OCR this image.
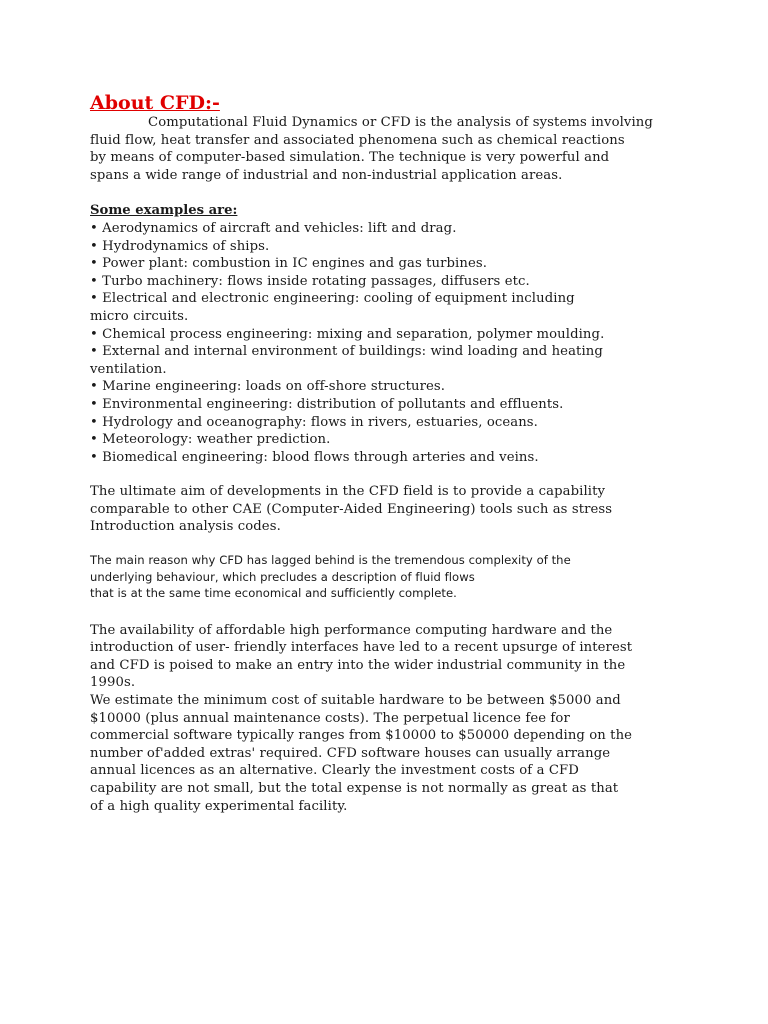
About CFD:-

Computational Fluid Dynamics or CFD is the analysis of systems involving
fluid flow, heat transfer and associated phenomena such as chemical reactions
by means of computer-based simulation. The technique is very powerful and
spans a wide range of industrial and non-industrial application areas.

Some examples are:

• Aerodynamics of aircraft and vehicles: lift and drag.
• Hydrodynamics of ships.
• Power plant: combustion in IC engines and gas turbines.
• Turbo machinery: flows inside rotating passages, diffusers etc.
• Electrical and electronic engineering: cooling of equipment including
micro circuits.
• Chemical process engineering: mixing and separation, polymer moulding.
• External and internal environment of buildings: wind loading and heating
ventilation.
• Marine engineering: loads on off-shore structures.
• Environmental engineering: distribution of pollutants and effluents.
• Hydrology and oceanography: flows in rivers, estuaries, oceans.
• Meteorology: weather prediction.
• Biomedical engineering: blood flows through arteries and veins.

The ultimate aim of developments in the CFD field is to provide a capability
comparable to other CAE (Computer-Aided Engineering) tools such as stress
Introduction analysis codes.

The main reason why CFD has lagged behind is the tremendous complexity of the
underlying behaviour, which precludes a description of fluid flows
that is at the same time economical and sufficiently complete.

The availability of affordable high performance computing hardware and the
introduction of user- friendly interfaces have led to a recent upsurge of interest
and CFD is poised to make an entry into the wider industrial community in the
1990s.

We estimate the minimum cost of suitable hardware to be between $5000 and
$10000 (plus annual maintenance costs). The perpetual licence fee for
commercial software typically ranges from $10000 to $50000 depending on the
number of'added extras' required. CFD software houses can usually arrange
annual licences as an alternative. Clearly the investment costs of a CFD
capability are not small, but the total expense is not normally as great as that
of a high quality experimental facility.
